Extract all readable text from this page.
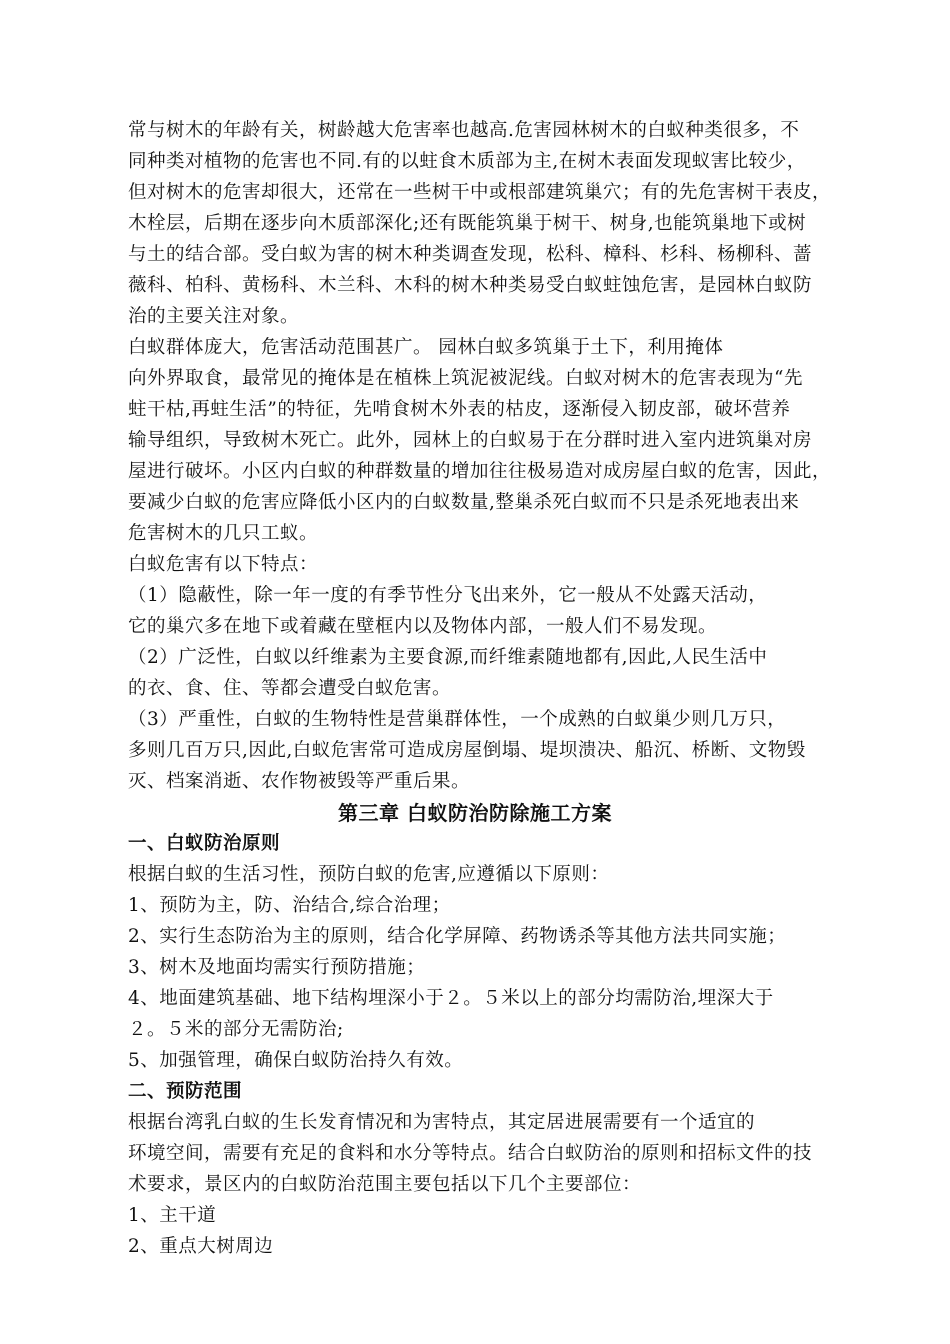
常与树木的年龄有关，树龄越大危害率也越高.危害园林树木的白蚁种类很多，不
同种类对植物的危害也不同.有的以蛀食木质部为主,在树木表面发现蚁害比较少，
但对树木的危害却很大，还常在一些树干中或根部建筑巢穴；有的先危害树干表皮，
木栓层，后期在逐步向木质部深化;还有既能筑巢于树干、树身,也能筑巢地下或树
与土的结合部。受白蚁为害的树木种类调查发现，松科、樟科、杉科、杨柳科、蔷
薇科、柏科、黄杨科、木兰科、木科的树木种类易受白蚁蛀蚀危害，是园林白蚁防
治的主要关注对象。
白蚁群体庞大，危害活动范围甚广。 园林白蚁多筑巢于土下，利用掩体
向外界取食，最常见的掩体是在植株上筑泥被泥线。白蚁对树木的危害表现为“先
蛀干枯,再蛀生活”的特征，先啃食树木外表的枯皮，逐渐侵入韧皮部，破坏营养
输导组织，导致树木死亡。此外，园林上的白蚁易于在分群时进入室内进筑巢对房
屋进行破坏。小区内白蚁的种群数量的增加往往极易造对成房屋白蚁的危害，因此，
要减少白蚁的危害应降低小区内的白蚁数量,整巢杀死白蚁而不只是杀死地表出来
危害树木的几只工蚁。
白蚁危害有以下特点：
（1）隐蔽性，除一年一度的有季节性分飞出来外，它一般从不处露天活动，
它的巢穴多在地下或着藏在壁框内以及物体内部，一般人们不易发现。
（2）广泛性，白蚁以纤维素为主要食源,而纤维素随地都有,因此,人民生活中
的衣、食、住、等都会遭受白蚁危害。
（3）严重性，白蚁的生物特性是营巢群体性，一个成熟的白蚁巢少则几万只，
多则几百万只,因此,白蚁危害常可造成房屋倒塌、堤坝溃决、船沉、桥断、文物毁
灭、档案消逝、农作物被毁等严重后果。
第三章 白蚁防治防除施工方案
一、白蚁防治原则
根据白蚁的生活习性，预防白蚁的危害,应遵循以下原则：
1、预防为主，防、治结合,综合治理；
2、实行生态防治为主的原则，结合化学屏障、药物诱杀等其他方法共同实施；
3、树木及地面均需实行预防措施；
4、地面建筑基础、地下结构埋深小于２。５米以上的部分均需防治,埋深大于
２。５米的部分无需防治;
5、加强管理，确保白蚁防治持久有效。
二、预防范围
根据台湾乳白蚁的生长发育情况和为害特点，其定居进展需要有一个适宜的
环境空间，需要有充足的食料和水分等特点。结合白蚁防治的原则和招标文件的技
术要求，景区内的白蚁防治范围主要包括以下几个主要部位：
1、主干道
2、重点大树周边
